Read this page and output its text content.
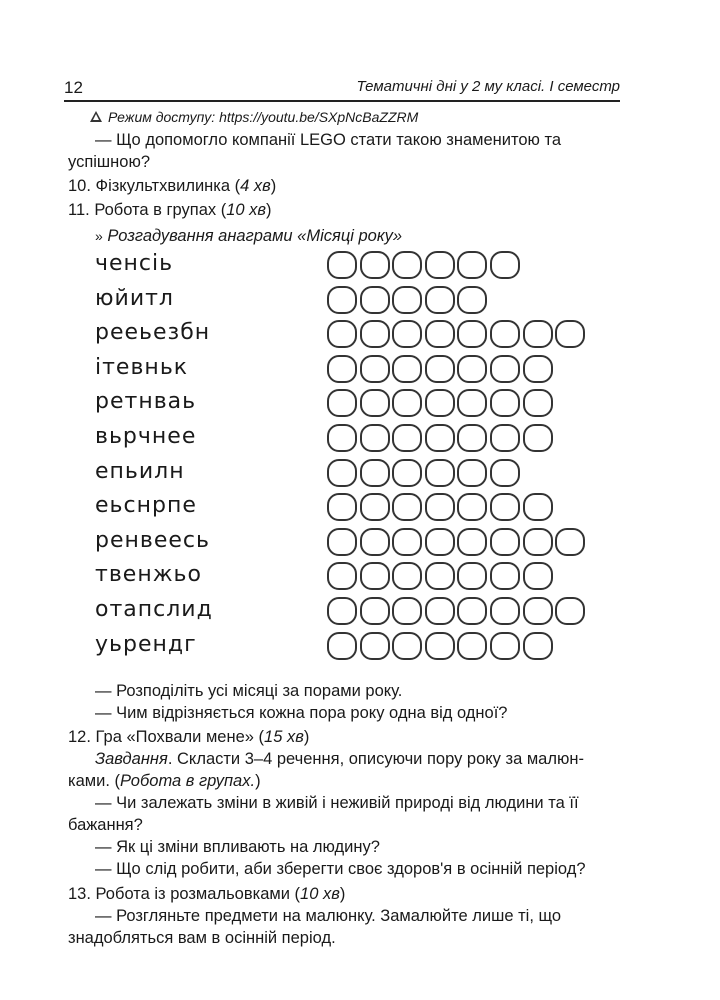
12	Тематичні дні у 2 му класі. І семестр
Режим доступу: https://youtu.be/SXpNcBaZZRM
— Що допомогло компанії LEGO стати такою знаменитою та
успішною?
10. Фізкультхвилинка (4 хв)
11. Робота в групах (10 хв)
» Розгадування анаграми «Місяці року»
ченсіь
юйитл
рееьезбн
ітевньк
ретнваь
вьрчнее
епьилн
еьснрпе
ренвеесь
твенжьо
отапслид
уьрендг
— Розподіліть усі місяці за порами року.
— Чим відрізняється кожна пора року одна від одної?
12. Гра «Похвали мене» (15 хв)
Завдання. Скласти 3–4 речення, описуючи пору року за малюн-
ками. (Робота в групах.)
— Чи залежать зміни в живій і неживій природі від людини та її
бажання?
— Як ці зміни впливають на людину?
— Що слід робити, аби зберегти своє здоров'я в осінній період?
13. Робота із розмальовками (10 хв)
— Розгляньте предмети на малюнку. Замалюйте лише ті, що
знадобляться вам в осінній період.
